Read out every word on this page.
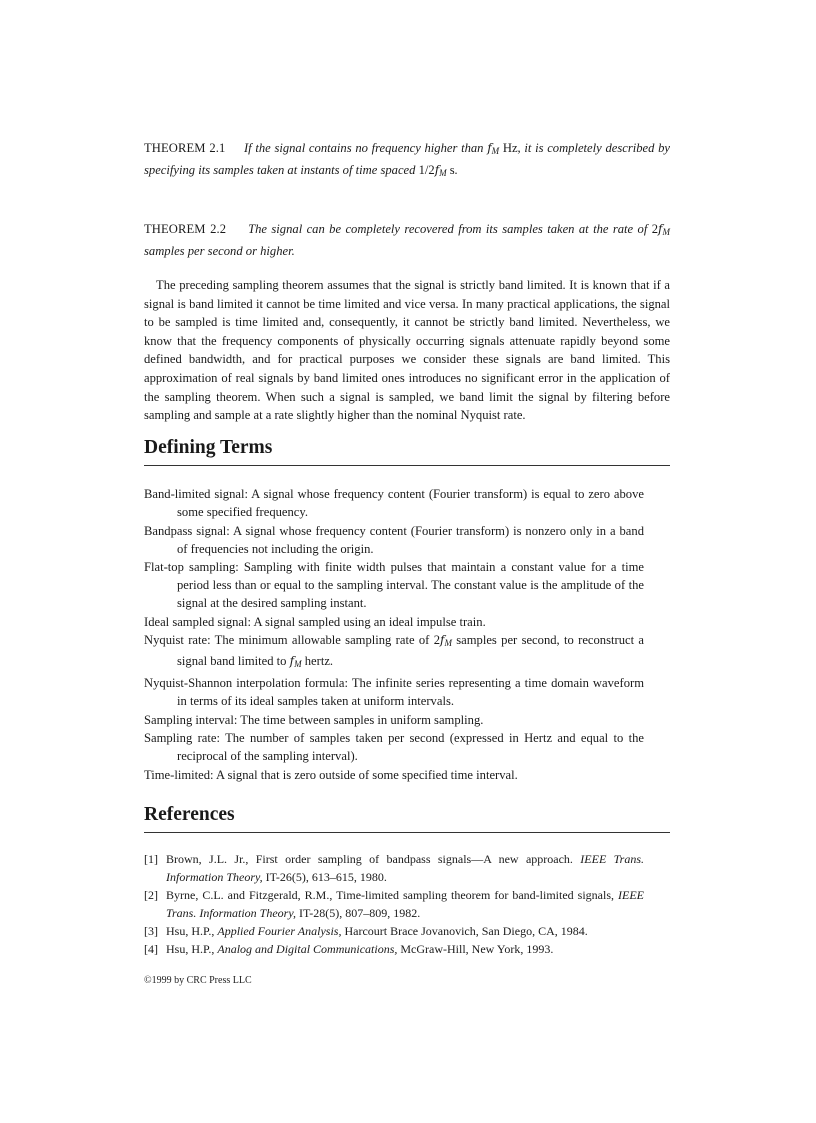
THEOREM 2.1 If the signal contains no frequency higher than $f_M$ Hz, it is completely described by specifying its samples taken at instants of time spaced $1/2f_M$ s.

THEOREM 2.2 The signal can be completely recovered from its samples taken at the rate of $2f_M$ samples per second or higher.

The preceding sampling theorem assumes that the signal is strictly band limited. It is known that if a signal is band limited it cannot be time limited and vice versa. In many practical applications, the signal to be sampled is time limited and, consequently, it cannot be strictly band limited. Nevertheless, we know that the frequency components of physically occurring signals attenuate rapidly beyond some defined bandwidth, and for practical purposes we consider these signals are band limited. This approximation of real signals by band limited ones introduces no significant error in the application of the sampling theorem. When such a signal is sampled, we band limit the signal by filtering before sampling and sample at a rate slightly higher than the nominal Nyquist rate.

Defining Terms
Band-limited signal: A signal whose frequency content (Fourier transform) is equal to zero above some specified frequency.
Bandpass signal: A signal whose frequency content (Fourier transform) is nonzero only in a band of frequencies not including the origin.
Flat-top sampling: Sampling with finite width pulses that maintain a constant value for a time period less than or equal to the sampling interval. The constant value is the amplitude of the signal at the desired sampling instant.
Ideal sampled signal: A signal sampled using an ideal impulse train.
Nyquist rate: The minimum allowable sampling rate of $2f_M$ samples per second, to reconstruct a signal band limited to $f_M$ hertz.
Nyquist-Shannon interpolation formula: The infinite series representing a time domain waveform in terms of its ideal samples taken at uniform intervals.
Sampling interval: The time between samples in uniform sampling.
Sampling rate: The number of samples taken per second (expressed in Hertz and equal to the reciprocal of the sampling interval).
Time-limited: A signal that is zero outside of some specified time interval.
References
[1] Brown, J.L. Jr., First order sampling of bandpass signals—A new approach. IEEE Trans. Information Theory, IT-26(5), 613–615, 1980.
[2] Byrne, C.L. and Fitzgerald, R.M., Time-limited sampling theorem for band-limited signals, IEEE Trans. Information Theory, IT-28(5), 807–809, 1982.
[3] Hsu, H.P., Applied Fourier Analysis, Harcourt Brace Jovanovich, San Diego, CA, 1984.
[4] Hsu, H.P., Analog and Digital Communications, McGraw-Hill, New York, 1993.
©1999 by CRC Press LLC
